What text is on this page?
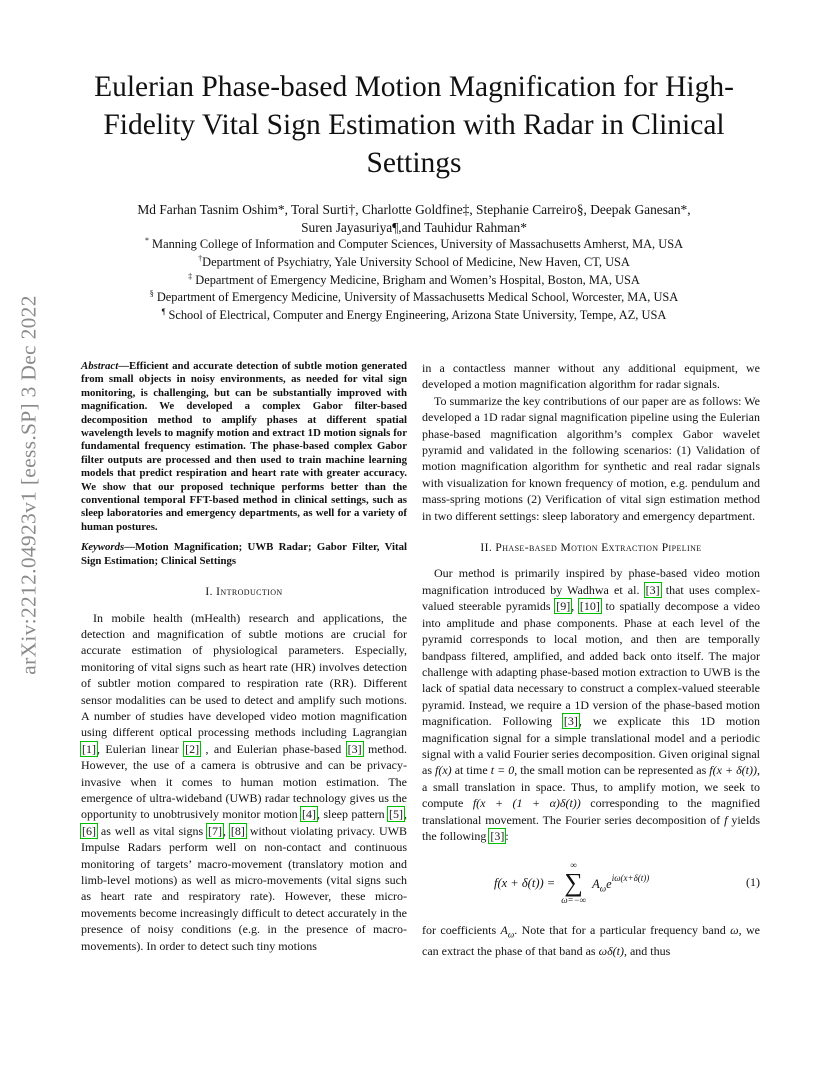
arXiv:2212.04923v1 [eess.SP] 3 Dec 2022
Eulerian Phase-based Motion Magnification for High-Fidelity Vital Sign Estimation with Radar in Clinical Settings
Md Farhan Tasnim Oshim*, Toral Surti†, Charlotte Goldfine‡, Stephanie Carreiro§, Deepak Ganesan*,
Suren Jayasuriya¶,and Tauhidur Rahman*
* Manning College of Information and Computer Sciences, University of Massachusetts Amherst, MA, USA
†Department of Psychiatry, Yale University School of Medicine, New Haven, CT, USA
‡ Department of Emergency Medicine, Brigham and Women’s Hospital, Boston, MA, USA
§ Department of Emergency Medicine, University of Massachusetts Medical School, Worcester, MA, USA
¶ School of Electrical, Computer and Energy Engineering, Arizona State University, Tempe, AZ, USA
Abstract—Efficient and accurate detection of subtle motion generated from small objects in noisy environments, as needed for vital sign monitoring, is challenging, but can be substantially improved with magnification. We developed a complex Gabor filter-based decomposition method to amplify phases at different spatial wavelength levels to magnify motion and extract 1D motion signals for fundamental frequency estimation. The phase-based complex Gabor filter outputs are processed and then used to train machine learning models that predict respiration and heart rate with greater accuracy. We show that our proposed technique performs better than the conventional temporal FFT-based method in clinical settings, such as sleep laboratories and emergency departments, as well for a variety of human postures.
Keywords—Motion Magnification; UWB Radar; Gabor Filter, Vital Sign Estimation; Clinical Settings
I. Introduction

In mobile health (mHealth) research and applications, the detection and magnification of subtle motions are crucial for accurate estimation of physiological parameters. Especially, monitoring of vital signs such as heart rate (HR) involves detection of subtler motion compared to respiration rate (RR). Different sensor modalities can be used to detect and amplify such motions. A number of studies have developed video motion magnification using different optical processing methods including Lagrangian [1], Eulerian linear [2] , and Eulerian phase-based [3] method. However, the use of a camera is obtrusive and can be privacy-invasive when it comes to human motion estimation. The emergence of ultra-wideband (UWB) radar technology gives us the opportunity to unobtrusively monitor motion [4], sleep pattern [5], [6] as well as vital signs [7], [8] without violating privacy. UWB Impulse Radars perform well on non-contact and continuous monitoring of targets’ macro-movement (translatory motion and limb-level motions) as well as micro-movements (vital signs such as heart rate and respiratory rate). However, these micro-movements become increasingly difficult to detect accurately in the presence of noisy conditions (e.g. in the presence of macro-movements). In order to detect such tiny motions

in a contactless manner without any additional equipment, we developed a motion magnification algorithm for radar signals.

To summarize the key contributions of our paper are as follows: We developed a 1D radar signal magnification pipeline using the Eulerian phase-based magnification algorithm’s complex Gabor wavelet pyramid and validated in the following scenarios: (1) Validation of motion magnification algorithm for synthetic and real radar signals with visualization for known frequency of motion, e.g. pendulum and mass-spring motions (2) Verification of vital sign estimation method in two different settings: sleep laboratory and emergency department.

II. Phase-based Motion Extraction Pipeline

Our method is primarily inspired by phase-based video motion magnification introduced by Wadhwa et al. [3] that uses complex-valued steerable pyramids [9], [10] to spatially decompose a video into amplitude and phase components. Phase at each level of the pyramid corresponds to local motion, and then are temporally bandpass filtered, amplified, and added back onto itself. The major challenge with adapting phase-based motion extraction to UWB is the lack of spatial data necessary to construct a complex-valued steerable pyramid. Instead, we require a 1D version of the phase-based motion magnification. Following [3], we explicate this 1D motion magnification signal for a simple translational model and a periodic signal with a valid Fourier series decomposition. Given original signal as f(x) at time t = 0, the small motion can be represented as f(x + δ(t)), a small translation in space. Thus, to amplify motion, we seek to compute f(x + (1 + α)δ(t)) corresponding to the magnified translational movement. The Fourier series decomposition of f yields the following [3]:

f(x + δ(t)) =
∞
∑
ω=−∞
$A_\omega e^{i\omega(x+\delta(t))}$	(1)

for coefficients $A_\omega$. Note that for a particular frequency band ω, we can extract the phase of that band as ωδ(t), and thus
